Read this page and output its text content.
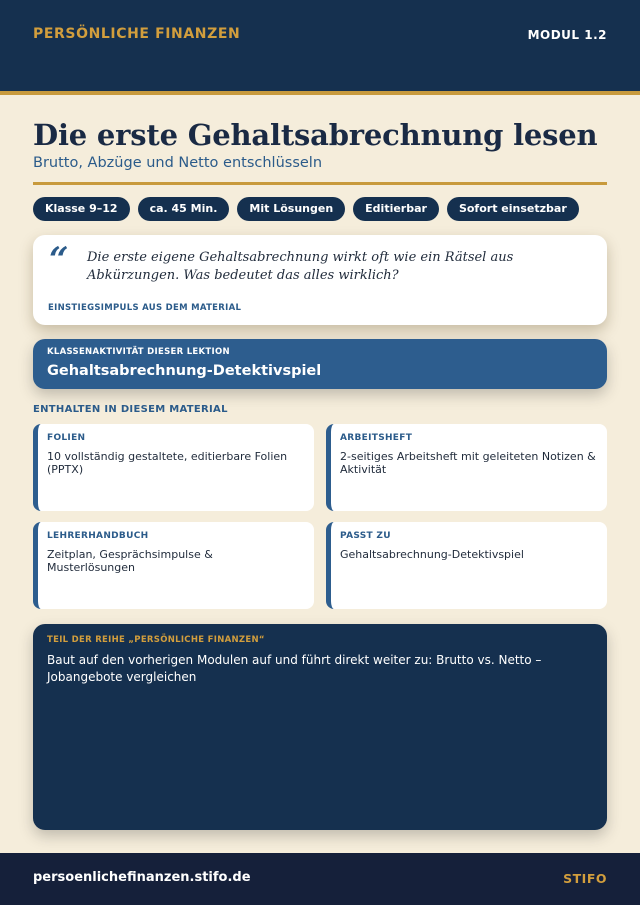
PERSÖNLICHE FINANZEN	MODUL 1.2
Die erste Gehaltsabrechnung lesen
Brutto, Abzüge und Netto entschlüsseln
Klasse 9–12	ca. 45 Min.	Mit Lösungen	Editierbar	Sofort einsetzbar
“ Die erste eigene Gehaltsabrechnung wirkt oft wie ein Rätsel aus Abkürzungen. Was bedeutet das alles wirklich?

EINSTIEGSIMPULS AUS DEM MATERIAL
KLASSENAKTIVITÄT DIESER LEKTION
Gehaltsabrechnung-Detektivspiel
ENTHALTEN IN DIESEM MATERIAL
FOLIEN
10 vollständig gestaltete, editierbare Folien (PPTX)
ARBEITSHEFT
2-seitiges Arbeitsheft mit geleiteten Notizen & Aktivität
LEHRERHANDBUCH
Zeitplan, Gesprächsimpulse & Musterlösungen
PASST ZU
Gehaltsabrechnung-Detektivspiel
TEIL DER REIHE „PERSÖNLICHE FINANZEN“

Baut auf den vorherigen Modulen auf und führt direkt weiter zu: Brutto vs. Netto – Jobangebote vergleichen

persoenlichefinanzen.stifo.de	STIFO
